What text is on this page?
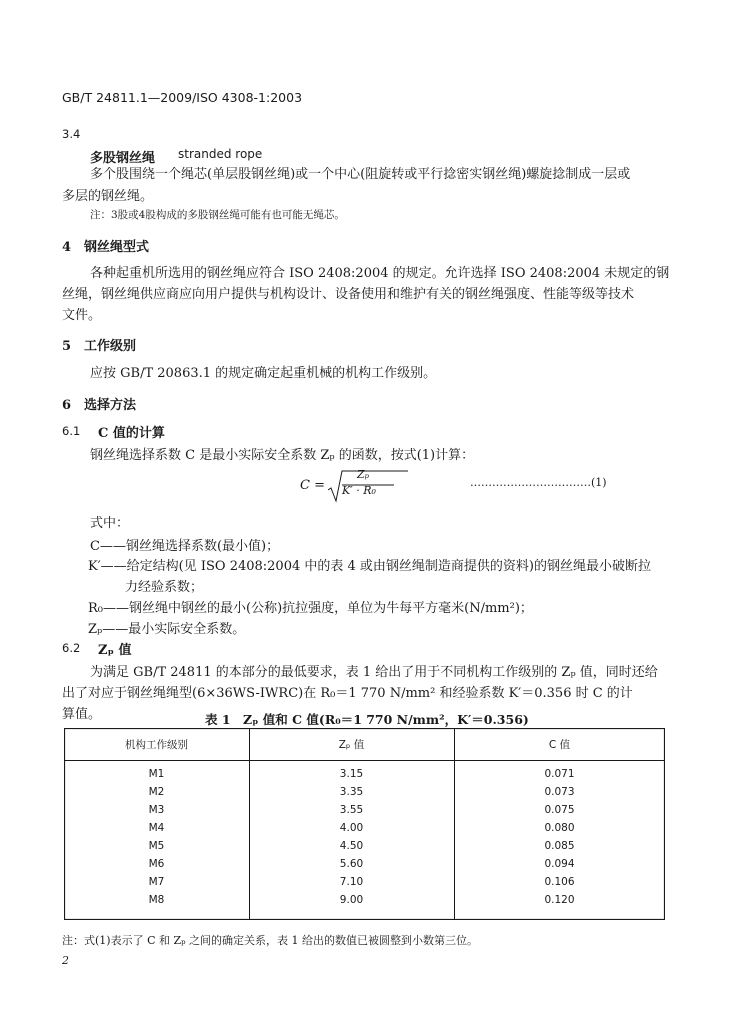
GB/T 24811.1—2009/ISO 4308-1:2003
3.4
多股钢丝绳 stranded rope
多个股围绕一个绳芯(单层股钢丝绳)或一个中心(阻旋转或平行捻密实钢丝绳)螺旋捻制成一层或
多层的钢丝绳。
注：3股或4股构成的多股钢丝绳可能有也可能无绳芯。
4　钢丝绳型式
各种起重机所选用的钢丝绳应符合 ISO 2408:2004 的规定。允许选择 ISO 2408:2004 未规定的钢
丝绳，钢丝绳供应商应向用户提供与机构设计、设备使用和维护有关的钢丝绳强度、性能等级等技术
文件。
5　工作级别
应按 GB/T 20863.1 的规定确定起重机械的机构工作级别。
6　选择方法
6.1 C 值的计算
钢丝绳选择系数 C 是最小实际安全系数 Zₚ 的函数，按式(1)计算：
C =
Zₚ
K′ · R₀
……………………………(1)
式中：
C——钢丝绳选择系数(最小值)；
K′——给定结构(见 ISO 2408:2004 中的表 4 或由钢丝绳制造商提供的资料)的钢丝绳最小破断拉
力经验系数；
R₀——钢丝绳中钢丝的最小(公称)抗拉强度，单位为牛每平方毫米(N/mm²)；
Zₚ——最小实际安全系数。
6.2 Zₚ 值
为满足 GB/T 24811 的本部分的最低要求，表 1 给出了用于不同机构工作级别的 Zₚ 值，同时还给
出了对应于钢丝绳绳型(6×36WS-IWRC)在 R₀＝1 770 N/mm² 和经验系数 K′＝0.356 时 C 的计
算值。	表 1　Zₚ 值和 C 值(R₀＝1 770 N/mm²，K′＝0.356)
机构工作级别	Zₚ 值	C 值
M1	3.15	0.071
M2	3.35	0.073
M3	3.55	0.075
M4	4.00	0.080
M5	4.50	0.085
M6	5.60	0.094
M7	7.10	0.106
M8	9.00	0.120
注：式(1)表示了 C 和 Zₚ 之间的确定关系，表 1 给出的数值已被圆整到小数第三位。
2
